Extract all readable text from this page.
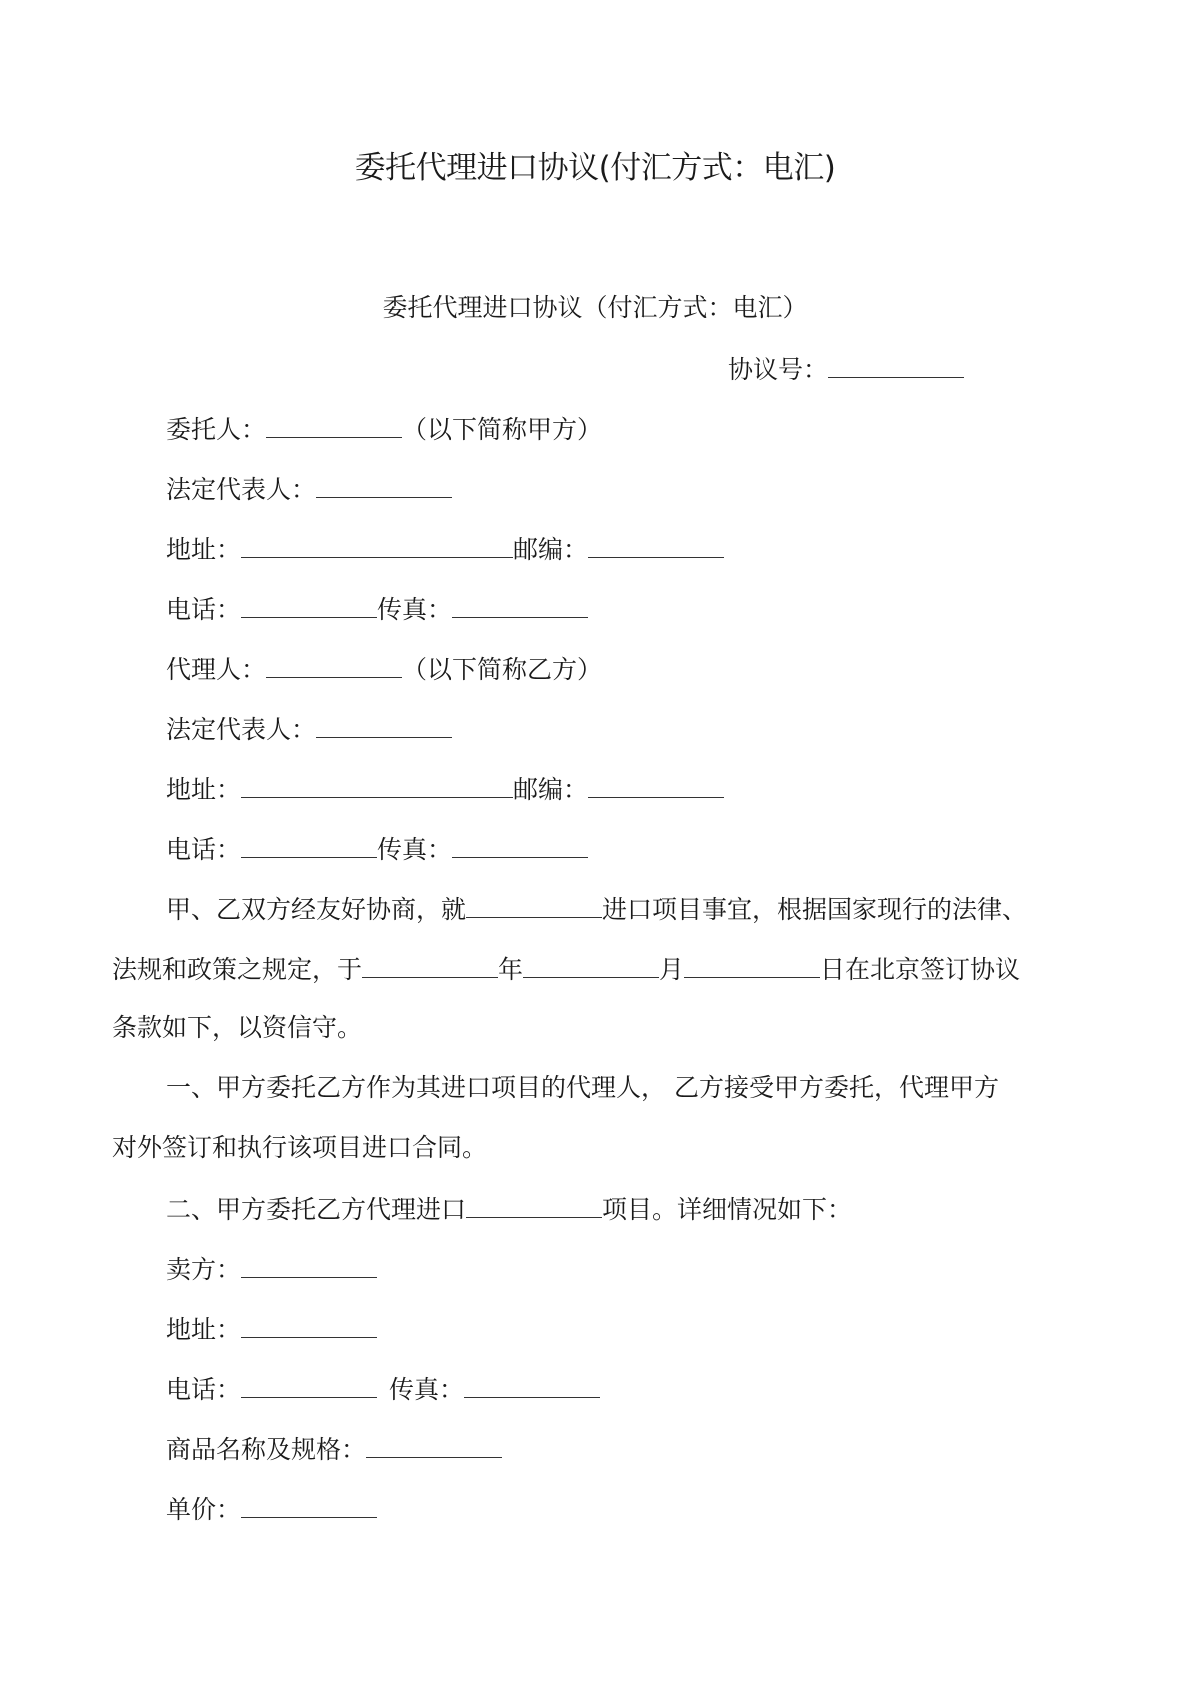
委托代理进口协议(付汇方式：电汇)
委托代理进口协议（付汇方式：电汇）
协议号：
委托人：	（以下简称甲方）
法定代表人：
地址：	邮编：
电话：	传真：
代理人：	（以下简称乙方）
法定代表人：
地址：	邮编：
电话：	传真：
甲、乙双方经友好协商，就	进口项目事宜，根据国家现行的法律、
法规和政策之规定，于	年	月	日在北京签订协议
条款如下，以资信守。
一、甲方委托乙方作为其进口项目的代理人， 乙方接受甲方委托，代理甲方
对外签订和执行该项目进口合同。
二、甲方委托乙方代理进口	项目。详细情况如下：
卖方：
地址：
电话：	传真：
商品名称及规格：
单价：
